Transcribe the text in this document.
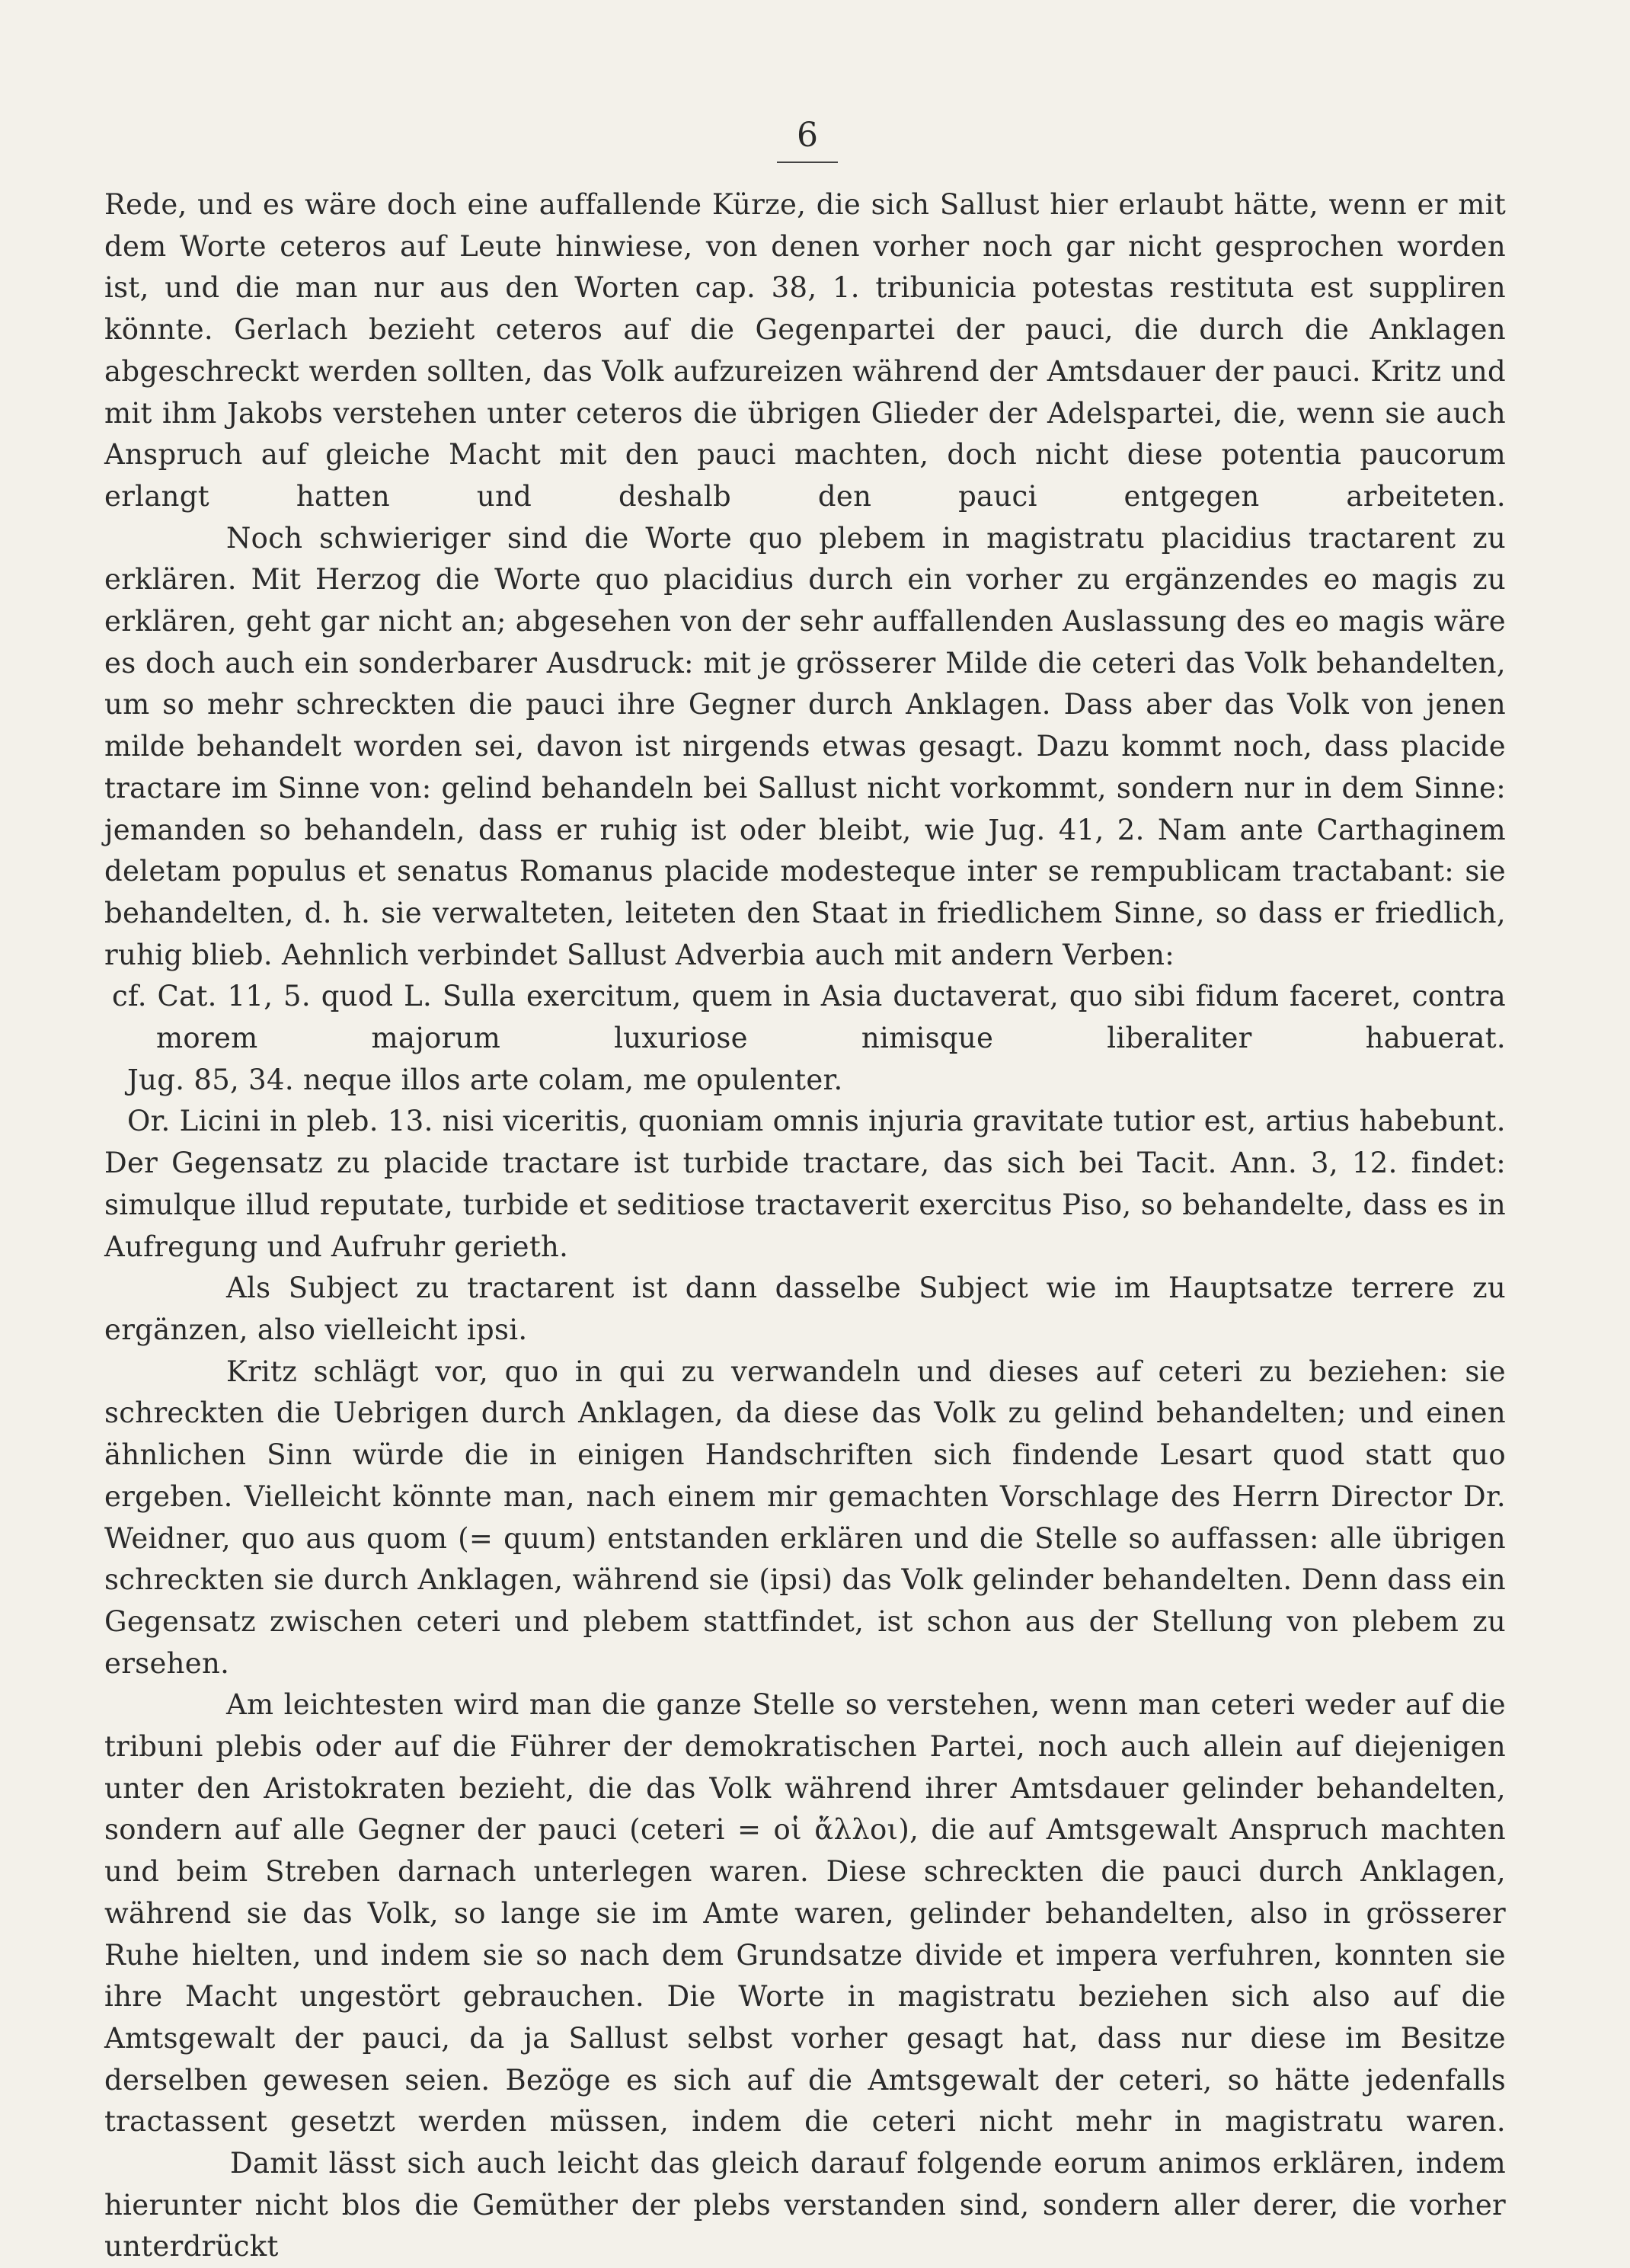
6

Rede, und es wäre doch eine auffallende Kürze, die sich Sallust hier erlaubt hätte, wenn er mit dem Worte ceteros auf Leute hinwiese, von denen vorher noch gar nicht gesprochen worden ist, und die man nur aus den Worten cap. 38, 1. tribunicia potestas restituta est suppliren könnte. Gerlach bezieht ceteros auf die Gegenpartei der pauci, die durch die Anklagen abgeschreckt werden sollten, das Volk aufzureizen während der Amtsdauer der pauci. Kritz und mit ihm Jakobs verstehen unter ceteros die übrigen Glieder der Adelspartei, die, wenn sie auch Anspruch auf gleiche Macht mit den pauci machten, doch nicht diese potentia paucorum erlangt hatten und deshalb den pauci entgegen arbeiteten.

Noch schwieriger sind die Worte quo plebem in magistratu placidius tractarent zu erklären. Mit Herzog die Worte quo placidius durch ein vorher zu ergänzendes eo magis zu erklären, geht gar nicht an; abgesehen von der sehr auffallenden Auslassung des eo magis wäre es doch auch ein sonderbarer Ausdruck: mit je grösserer Milde die ceteri das Volk behandelten, um so mehr schreckten die pauci ihre Gegner durch Anklagen. Dass aber das Volk von jenen milde behandelt worden sei, davon ist nirgends etwas gesagt. Dazu kommt noch, dass placide tractare im Sinne von: gelind behandeln bei Sallust nicht vorkommt, sondern nur in dem Sinne: jemanden so behandeln, dass er ruhig ist oder bleibt, wie Jug. 41, 2. Nam ante Carthaginem deletam populus et senatus Romanus placide modesteque inter se rempublicam tractabant: sie behandelten, d. h. sie verwalteten, leiteten den Staat in friedlichem Sinne, so dass er friedlich, ruhig blieb. Aehnlich verbindet Sallust Adverbia auch mit andern Verben:

cf. Cat. 11, 5. quod L. Sulla exercitum, quem in Asia ductaverat, quo sibi fidum faceret, contra morem majorum luxuriose nimisque liberaliter habuerat.

Jug. 85, 34. neque illos arte colam, me opulenter.

Or. Licini in pleb. 13. nisi viceritis, quoniam omnis injuria gravitate tutior est, artius habebunt.

Der Gegensatz zu placide tractare ist turbide tractare, das sich bei Tacit. Ann. 3, 12. findet: simulque illud reputate, turbide et seditiose tractaverit exercitus Piso, so behandelte, dass es in Aufregung und Aufruhr gerieth.

Als Subject zu tractarent ist dann dasselbe Subject wie im Hauptsatze terrere zu ergänzen, also vielleicht ipsi.

Kritz schlägt vor, quo in qui zu verwandeln und dieses auf ceteri zu beziehen: sie schreckten die Uebrigen durch Anklagen, da diese das Volk zu gelind behandelten; und einen ähnlichen Sinn würde die in einigen Handschriften sich findende Lesart quod statt quo ergeben. Vielleicht könnte man, nach einem mir gemachten Vorschlage des Herrn Director Dr. Weidner, quo aus quom (= quum) entstanden erklären und die Stelle so auffassen: alle übrigen schreckten sie durch Anklagen, während sie (ipsi) das Volk gelinder behandelten. Denn dass ein Gegensatz zwischen ceteri und plebem stattfindet, ist schon aus der Stellung von plebem zu ersehen.

Am leichtesten wird man die ganze Stelle so verstehen, wenn man ceteri weder auf die tribuni plebis oder auf die Führer der demokratischen Partei, noch auch allein auf diejenigen unter den Aristokraten bezieht, die das Volk während ihrer Amtsdauer gelinder behandelten, sondern auf alle Gegner der pauci (ceteri = οἱ ἄλλοι), die auf Amtsgewalt Anspruch machten und beim Streben darnach unterlegen waren. Diese schreckten die pauci durch Anklagen, während sie das Volk, so lange sie im Amte waren, gelinder behandelten, also in grösserer Ruhe hielten, und indem sie so nach dem Grundsatze divide et impera verfuhren, konnten sie ihre Macht ungestört gebrauchen. Die Worte in magistratu beziehen sich also auf die Amtsgewalt der pauci, da ja Sallust selbst vorher gesagt hat, dass nur diese im Besitze derselben gewesen seien. Bezöge es sich auf die Amtsgewalt der ceteri, so hätte jedenfalls tractassent gesetzt werden müssen, indem die ceteri nicht mehr in magistratu waren.

Damit lässt sich auch leicht das gleich darauf folgende eorum animos erklären, indem hierunter nicht blos die Gemüther der plebs verstanden sind, sondern aller derer, die vorher unterdrückt
